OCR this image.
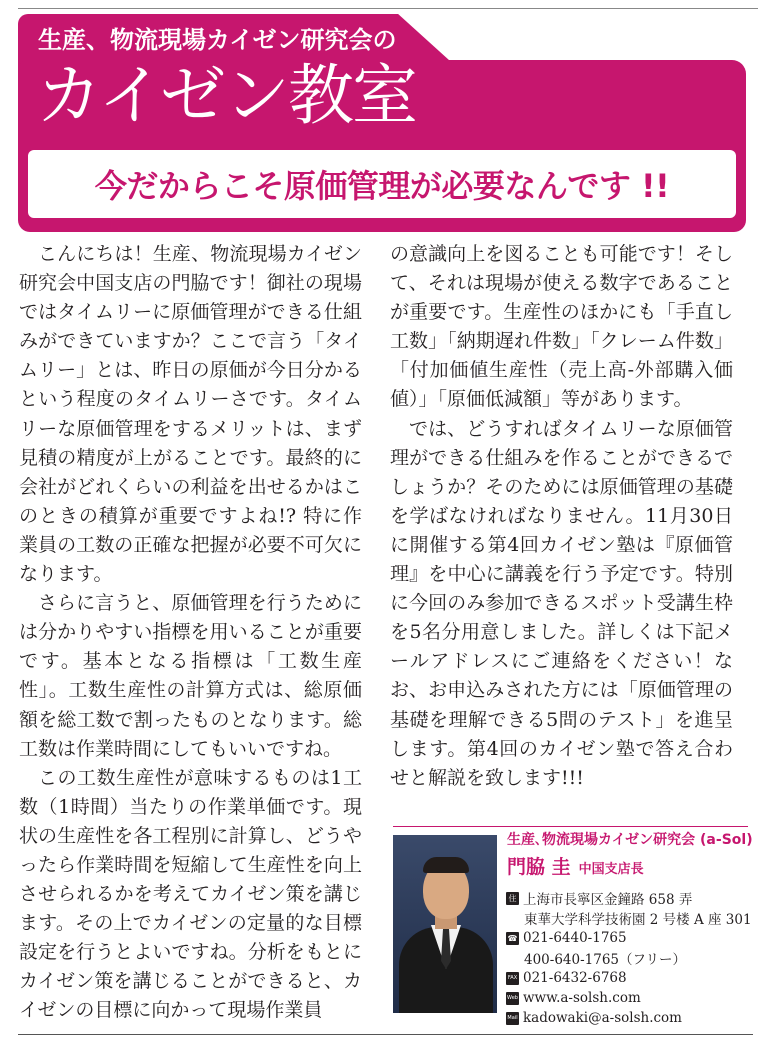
生産、物流現場カイゼン研究会の
カイゼン教室

今だからこそ原価管理が必要なんです !!

こんにちは！生産、物流現場カイゼン研究会中国支店の門脇です！御社の現場ではタイムリーに原価管理ができる仕組みができていますか？ここで言う「タイムリー」とは、昨日の原価が今日分かるという程度のタイムリーさです。タイムリーな原価管理をするメリットは、まず見積の精度が上がることです。最終的に会社がどれくらいの利益を出せるかはこのときの積算が重要ですよね!? 特に作業員の工数の正確な把握が必要不可欠になります。

さらに言うと、原価管理を行うためには分かりやすい指標を用いることが重要です。基本となる指標は「工数生産性」。工数生産性の計算方式は、総原価額を総工数で割ったものとなります。総工数は作業時間にしてもいいですね。

この工数生産性が意味するものは1工数（1時間）当たりの作業単価です。現状の生産性を各工程別に計算し、どうやったら作業時間を短縮して生産性を向上させられるかを考えてカイゼン策を講じます。その上でカイゼンの定量的な目標設定を行うとよいですね。分析をもとにカイゼン策を講じることができると、カイゼンの目標に向かって現場作業員

の意識向上を図ることも可能です！そして、それは現場が使える数字であることが重要です。生産性のほかにも「手直し工数」「納期遅れ件数」「クレーム件数」「付加価値生産性（売上高-外部購入価値）」「原価低減額」等があります。

では、どうすればタイムリーな原価管理ができる仕組みを作ることができるでしょうか？そのためには原価管理の基礎を学ばなければなりません。11月30日に開催する第4回カイゼン塾は『原価管理』を中心に講義を行う予定です。特別に今回のみ参加できるスポット受講生枠を5名分用意しました。詳しくは下記メールアドレスにご連絡をください！なお、お申込みされた方には「原価管理の基礎を理解できる5問のテスト」を進呈します。第4回のカイゼン塾で答え合わせと解説を致します!!!

生産､物流現場カイゼン研究会 (a-Sol)

門脇 圭 中国支店長

住 上海市長寧区金鐘路 658 弄
東華大学科学技術園 2 号楼 A 座 301
☎ 021-6440-1765
400-640-1765（フリー）
FAX 021-6432-6768
Web www.a-solsh.com
Mail kadowaki@a-solsh.com
